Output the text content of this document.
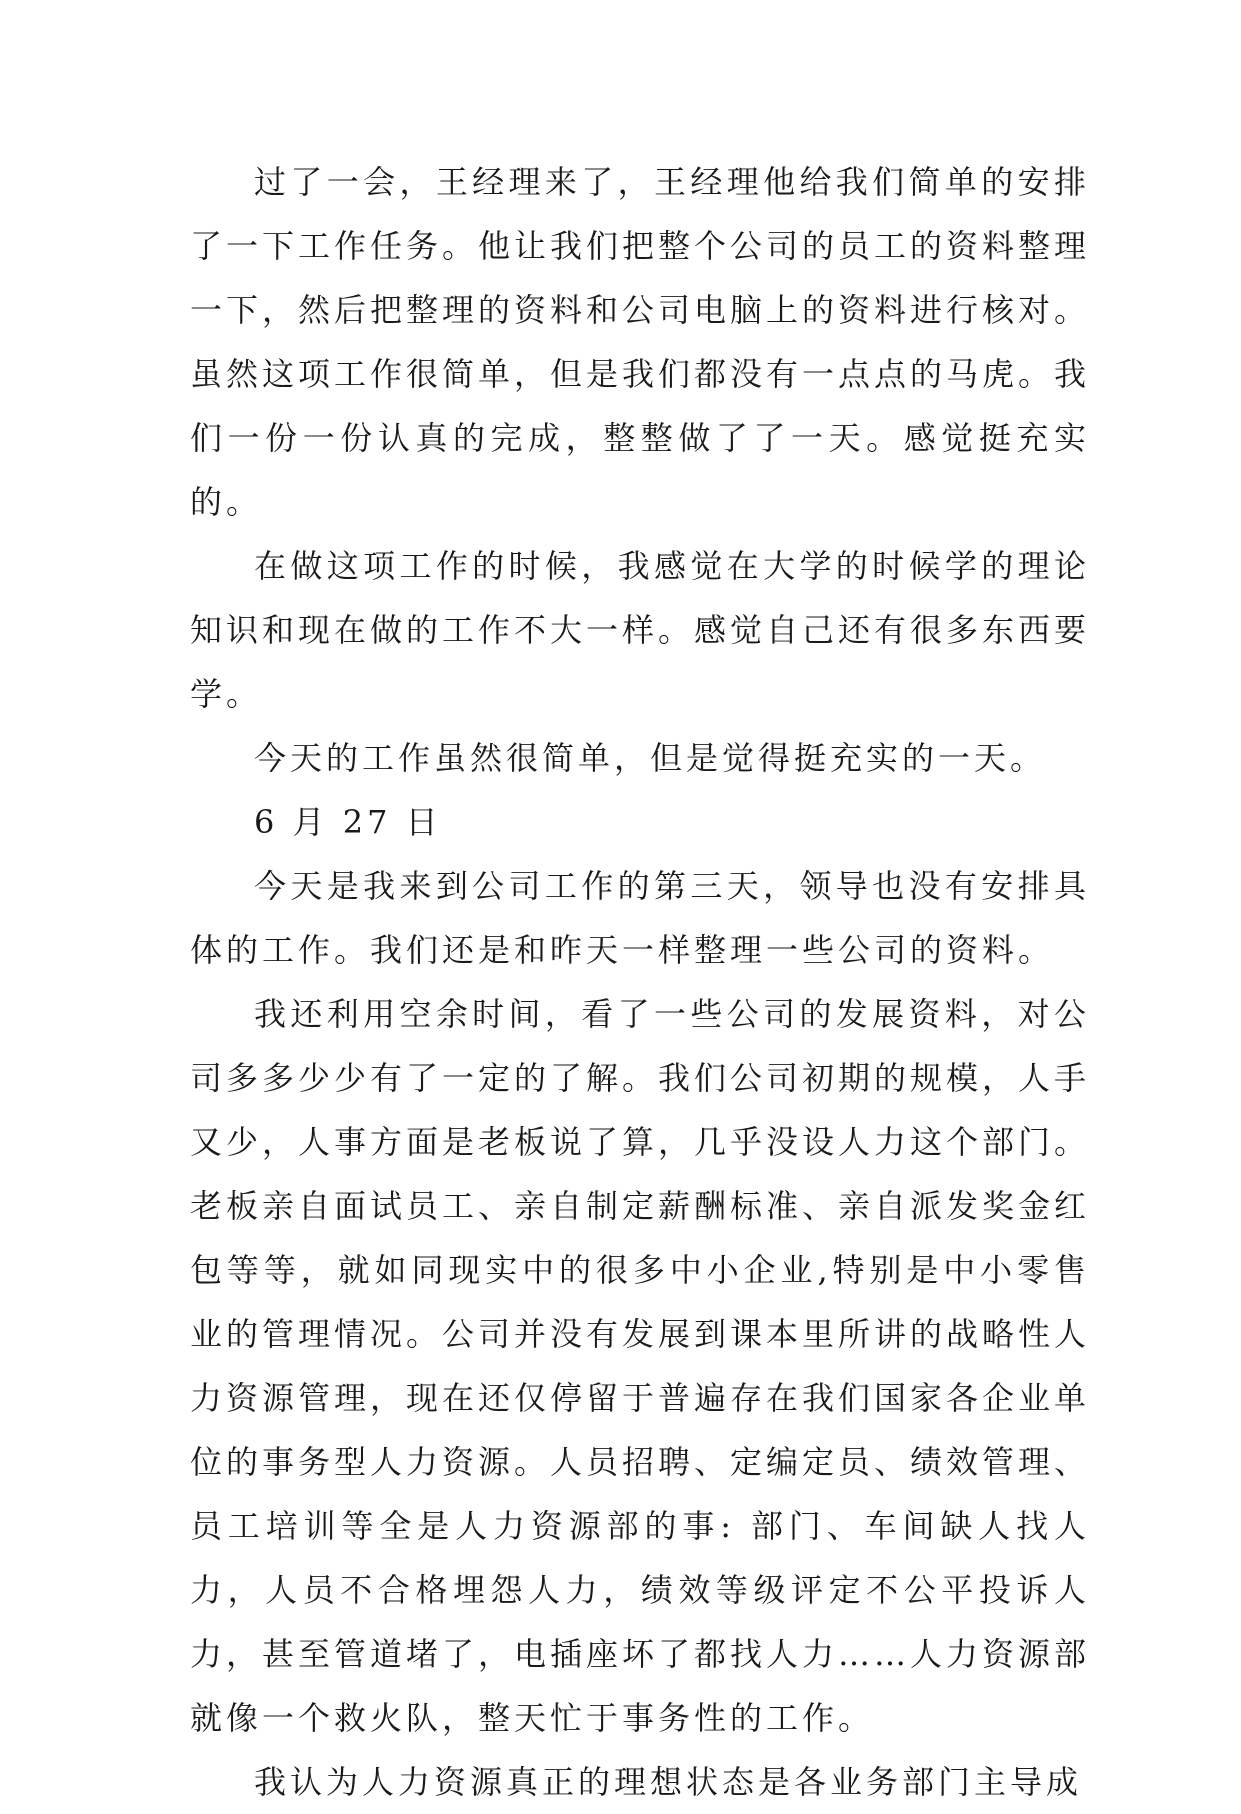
过了一会，王经理来了，王经理他给我们简单的安排了一下工作任务。他让我们把整个公司的员工的资料整理一下，然后把整理的资料和公司电脑上的资料进行核对。虽然这项工作很简单，但是我们都没有一点点的马虎。我们一份一份认真的完成，整整做了了一天。感觉挺充实的。

在做这项工作的时候，我感觉在大学的时候学的理论知识和现在做的工作不大一样。感觉自己还有很多东西要学。

今天的工作虽然很简单，但是觉得挺充实的一天。

6 月 27 日

今天是我来到公司工作的第三天，领导也没有安排具体的工作。我们还是和昨天一样整理一些公司的资料。

我还利用空余时间，看了一些公司的发展资料，对公司多多少少有了一定的了解。我们公司初期的规模，人手又少，人事方面是老板说了算，几乎没设人力这个部门。老板亲自面试员工、亲自制定薪酬标准、亲自派发奖金红包等等，就如同现实中的很多中小企业,特别是中小零售业的管理情况。公司并没有发展到课本里所讲的战略性人力资源管理，现在还仅停留于普遍存在我们国家各企业单位的事务型人力资源。人员招聘、定编定员、绩效管理、员工培训等全是人力资源部的事: 部门、车间缺人找人力，人员不合格埋怨人力，绩效等级评定不公平投诉人力，甚至管道堵了，电插座坏了都找人力……人力资源部就像一个救火队，整天忙于事务性的工作。

我认为人力资源真正的理想状态是各业务部门主导成
